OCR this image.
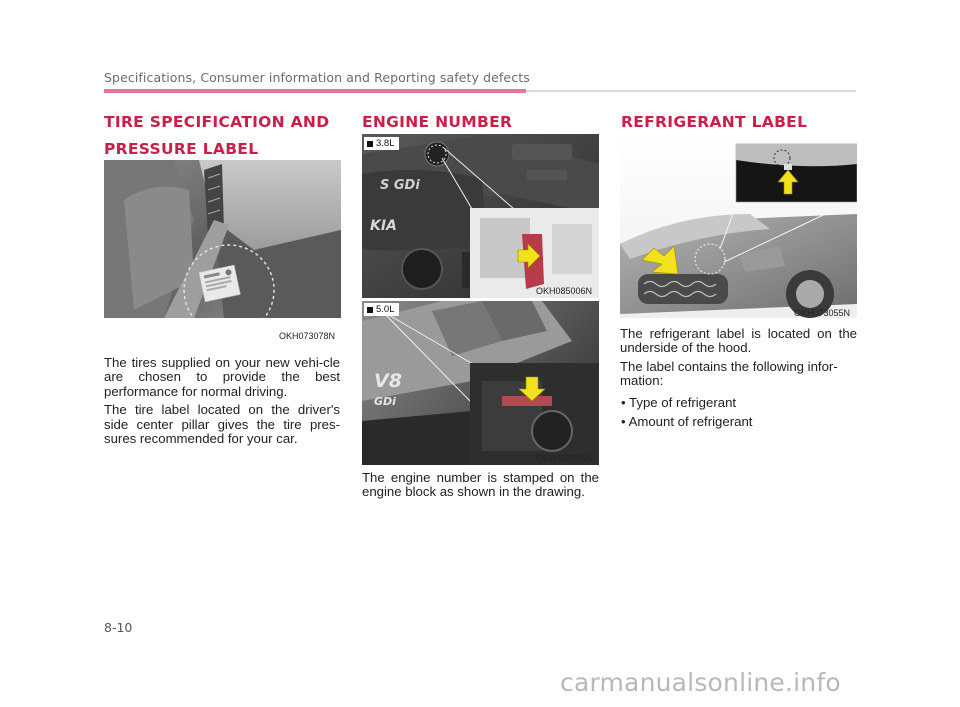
Specifications, Consumer information and Reporting safety defects
TIRE SPECIFICATION AND
PRESSURE LABEL
OKH073078N

The tires supplied on your new vehi-cle are chosen to provide the best performance for normal driving.

The tire label located on the driver's side center pillar gives the tire pres-sures recommended for your car.

ENGINE NUMBER
S GDi
KIA
3.8L
OKH085006N
V8
GDi
5.0L
OKH083005N

The engine number is stamped on the engine block as shown in the drawing.

REFRIGERANT LABEL
OKH073055N

The refrigerant label is located on the underside of the hood.

The label contains the following infor-mation:

• Type of refrigerant
• Amount of refrigerant
8-10
carmanualsonline.info
